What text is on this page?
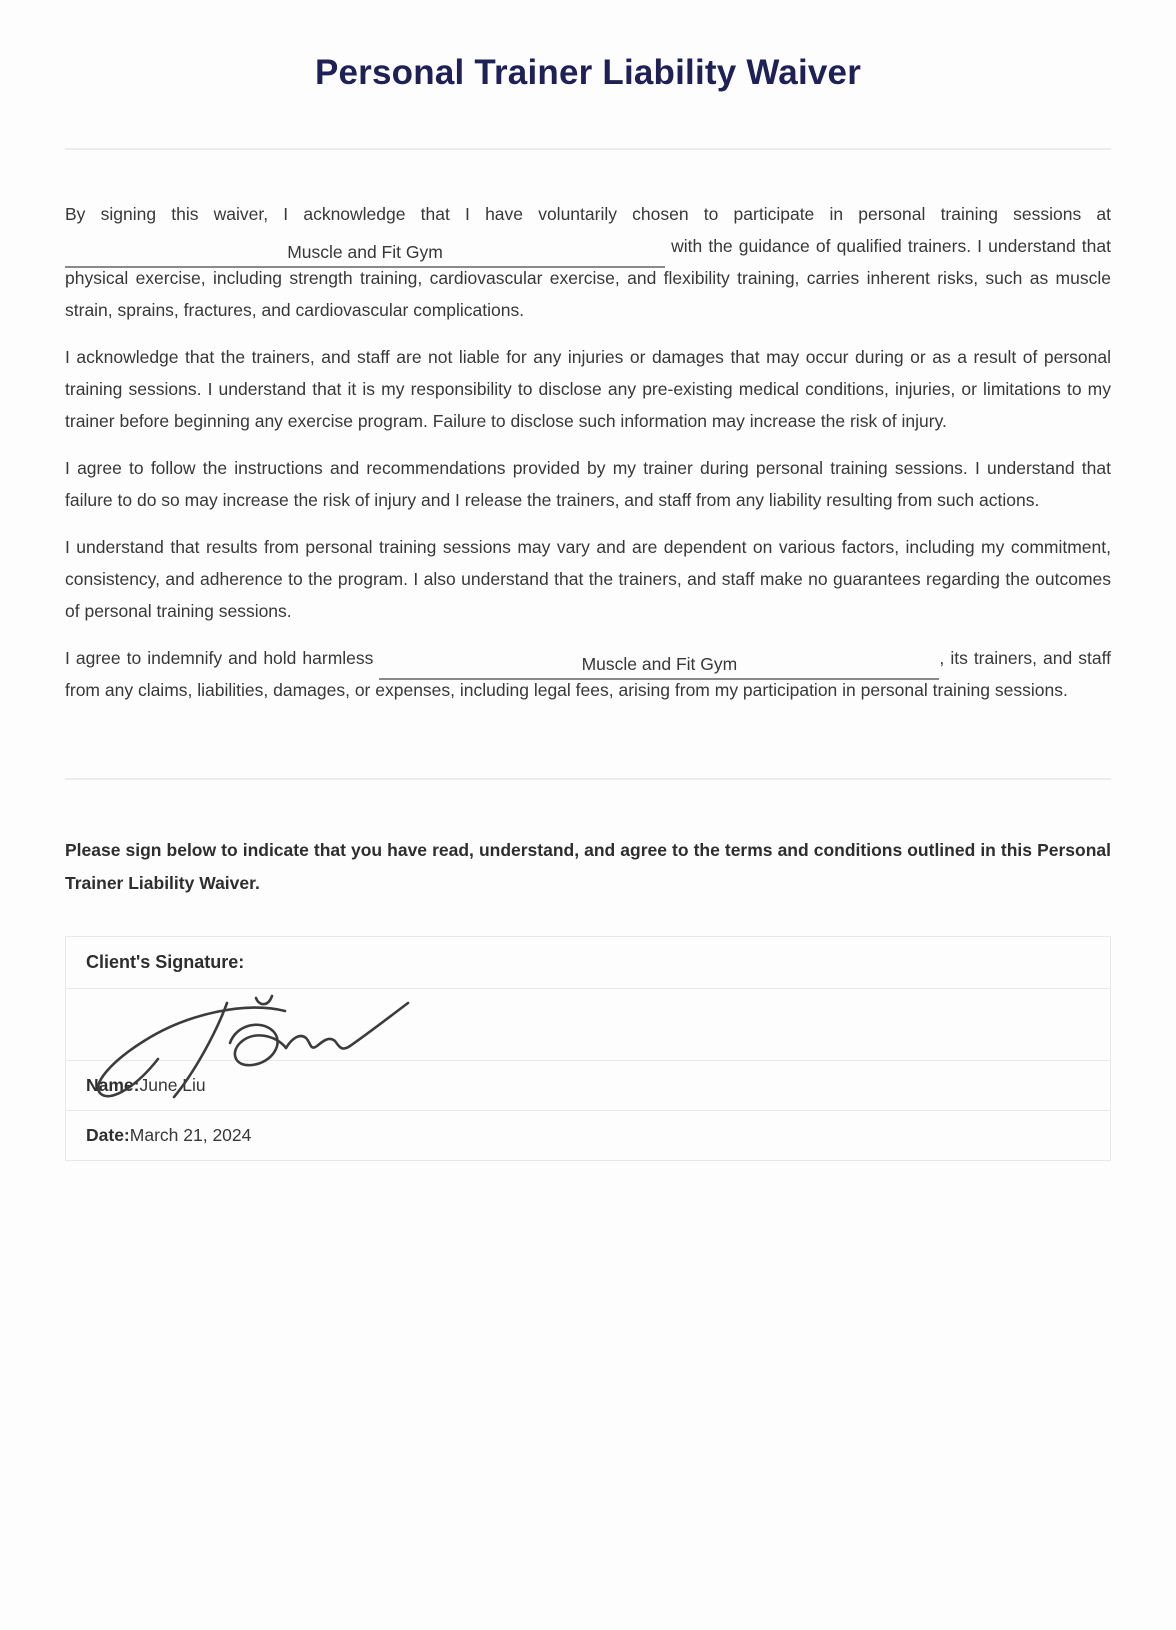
Personal Trainer Liability Waiver

By signing this waiver, I acknowledge that I have voluntarily chosen to participate in personal training sessions at Muscle and Fit Gym	with the guidance of qualified trainers. I understand that physical exercise, including strength training, cardiovascular exercise, and flexibility training, carries inherent risks, such as muscle strain, sprains, fractures, and cardiovascular complications.

I acknowledge that the trainers, and staff are not liable for any injuries or damages that may occur during or as a result of personal training sessions. I understand that it is my responsibility to disclose any pre-existing medical conditions, injuries, or limitations to my trainer before beginning any exercise program. Failure to disclose such information may increase the risk of injury.

I agree to follow the instructions and recommendations provided by my trainer during personal training sessions. I understand that failure to do so may increase the risk of injury and I release the trainers, and staff from any liability resulting from such actions.

I understand that results from personal training sessions may vary and are dependent on various factors, including my commitment, consistency, and adherence to the program. I also understand that the trainers, and staff make no guarantees regarding the outcomes of personal training sessions.

I agree to indemnify and hold harmless	Muscle and Fit Gym	, its trainers, and staff from any claims, liabilities, damages, or expenses, including legal fees, arising from my participation in personal training sessions.

Please sign below to indicate that you have read, understand, and agree to the terms and conditions outlined in this Personal Trainer Liability Waiver.

Client's Signature:

Name:June Liu
Date:March 21, 2024
